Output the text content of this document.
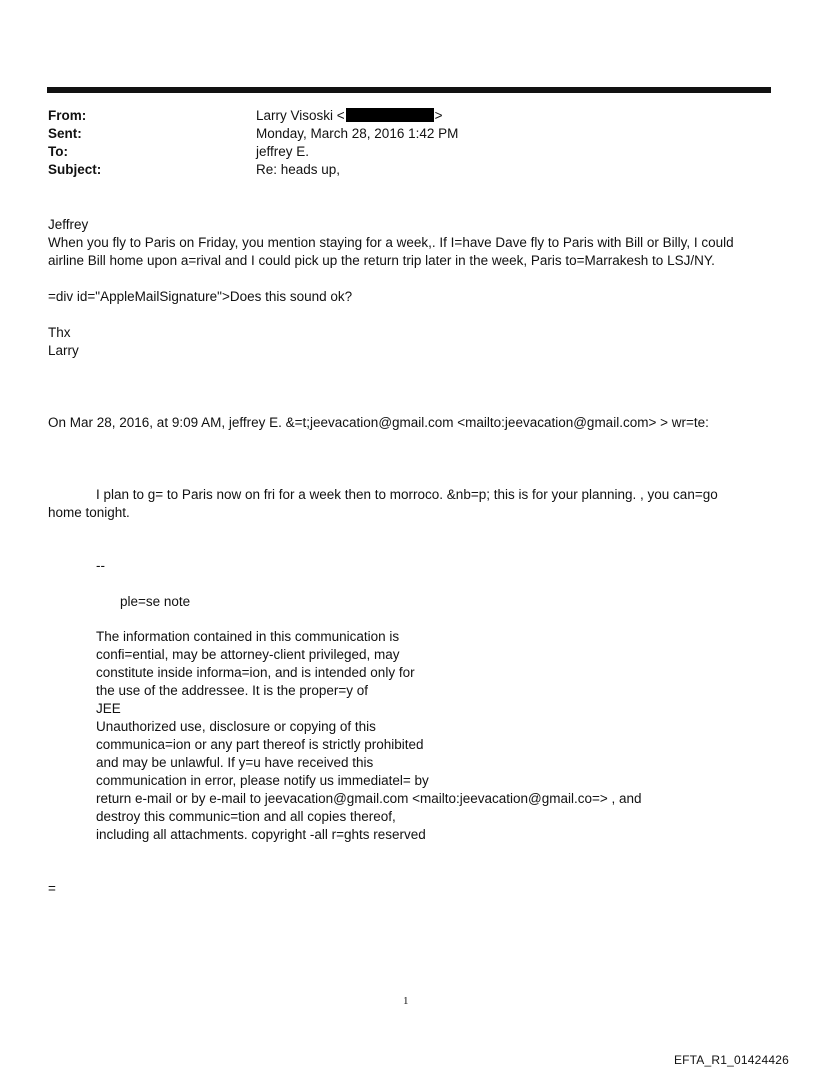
From:	Larry Visoski <	>
Sent:	Monday, March 28, 2016 1:42 PM
To:	jeffrey E.
Subject:	Re: heads up,
Jeffrey
When you fly to Paris on Friday, you mention staying for a week,. If I=have Dave fly to Paris with Bill or Billy, I could
airline Bill home upon a=rival and I could pick up the return trip later in the week, Paris to=Marrakesh to LSJ/NY.
=div id="AppleMailSignature">Does this sound ok?
Thx
Larry
On Mar 28, 2016, at 9:09 AM, jeffrey E. &=t;jeevacation@gmail.com <mailto:jeevacation@gmail.com> > wr=te:
I plan to g= to Paris now on fri for a week then to morroco. &nb=p; this is for your planning. , you can=go
home tonight.
--
ple=se note
The information contained in this communication is
confi=ential, may be attorney-client privileged, may
constitute inside informa=ion, and is intended only for
the use of the addressee. It is the proper=y of
JEE
Unauthorized use, disclosure or copying of this
communica=ion or any part thereof is strictly prohibited
and may be unlawful. If y=u have received this
communication in error, please notify us immediatel= by
return e-mail or by e-mail to jeevacation@gmail.com <mailto:jeevacation@gmail.co=> , and
destroy this communic=tion and all copies thereof,
including all attachments. copyright -all r=ghts reserved
=
1
EFTA_R1_01424426
